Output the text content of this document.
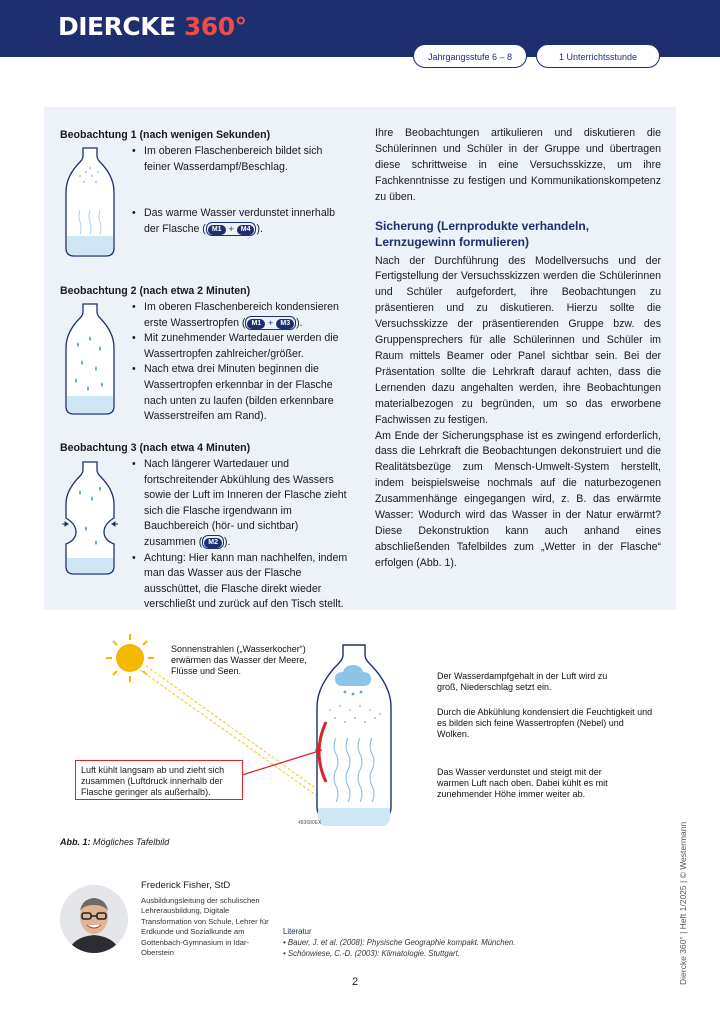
DIERCKE 360°
Jahrgangsstufe 6 – 8	1 Unterrichtsstunde
Beobachtung 1 (nach wenigen Sekunden)
• Im oberen Flaschenbereich bildet sich feiner Wasserdampf/Beschlag.
• Das warme Wasser verdunstet innerhalb der Flasche ( M1 + M4 ).
Beobachtung 2 (nach etwa 2 Minuten)
• Im oberen Flaschenbereich kondensieren erste Wassertropfen ( M1 + M3 ).
• Mit zunehmender Wartedauer werden die Wassertropfen zahlreicher/größer.
• Nach etwa drei Minuten beginnen die Wassertropfen erkennbar in der Flasche nach unten zu laufen (bilden erkennbare Wasserstreifen am Rand).
Beobachtung 3 (nach etwa 4 Minuten)
• Nach längerer Wartedauer und fortschreitender Abkühlung des Wassers sowie der Luft im Inneren der Flasche zieht sich die Flasche irgendwann im Bauchbereich (hör- und sichtbar) zusammen ( M2 ).
• Achtung: Hier kann man nachhelfen, indem man das Wasser aus der Flasche ausschüttet, die Flasche direkt wieder verschließt und zurück auf den Tisch stellt.

Ihre Beobachtungen artikulieren und diskutieren die Schülerinnen und Schüler in der Gruppe und übertragen diese schrittweise in eine Versuchsskizze, um ihre Fachkenntnisse zu festigen und Kommunikationskompetenz zu üben.

Sicherung (Lernprodukte verhandeln, Lernzugewinn formulieren)

Nach der Durchführung des Modellversuchs und der Fertigstellung der Versuchsskizzen werden die Schülerinnen und Schüler aufgefordert, ihre Beobachtungen zu präsentieren und zu diskutieren. Hierzu sollte die Versuchsskizze der präsentierenden Gruppe bzw. des Gruppensprechers für alle Schülerinnen und Schüler im Raum mittels Beamer oder Panel sichtbar sein. Bei der Präsentation sollte die Lehrkraft darauf achten, dass die Lernenden dazu angehalten werden, ihre Beobachtungen materialbezogen zu begründen, um so das erworbene Fachwissen zu festigen.

Am Ende der Sicherungsphase ist es zwingend erforderlich, dass die Lehrkraft die Beobachtungen dekonstruiert und die Realitätsbezüge zum Mensch-Umwelt-System herstellt, indem beispielsweise nochmals auf die naturbezogenen Zusammenhänge eingegangen wird, z. B. das erwärmte Wasser: Wodurch wird das Wasser in der Natur erwärmt? Diese Dekonstruktion kann auch anhand eines abschließenden Tafelbildes zum „Wetter in der Flasche“ erfolgen (Abb. 1).

483680EX
Sonnenstrahlen („Wasserkocher“) erwärmen das Wasser der Meere, Flüsse und Seen.
Luft kühlt langsam ab und zieht sich zusammen (Luftdruck innerhalb der Flasche geringer als außerhalb).
Der Wasserdampfgehalt in der Luft wird zu groß, Niederschlag setzt ein.
Durch die Abkühlung kondensiert die Feuchtigkeit und es bilden sich feine Wassertropfen (Nebel) und Wolken.
Das Wasser verdunstet und steigt mit der warmen Luft nach oben. Dabei kühlt es mit zunehmender Höhe immer weiter ab.
Abb. 1: Mögliches Tafelbild
Frederick Fisher, StD
Ausbildungsleitung der schulischen Lehrerausbildung, Digitale Transformation von Schule, Lehrer für Erdkunde und Sozialkunde am Gottenbach-Gymnasium in Idar-Oberstein
Literatur
• Bauer, J. et al. (2008): Physische Geographie kompakt. München.
• Schönwiese, C.-D. (2003): Klimatologie. Stuttgart.
2	Diercke 360° | Heft 1/2025 | © Westermann
